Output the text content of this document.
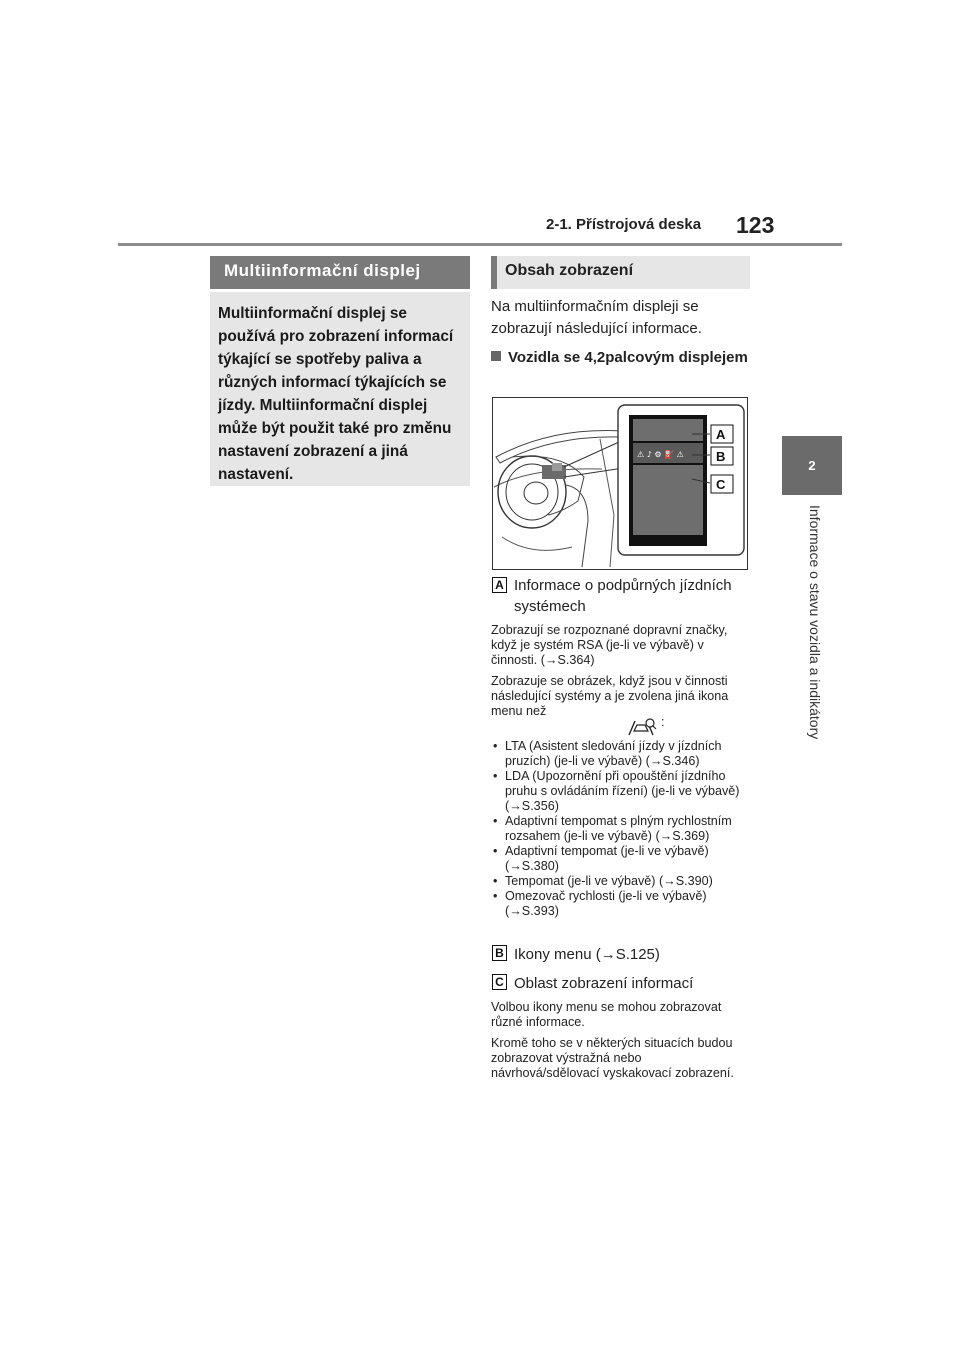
2-1. Přístrojová deska 123
2
Informace o stavu vozidla a indikátory
Multiinformační displej

Multiinformační displej se používá pro zobrazení informací týkající se spotřeby paliva a různých informací týkajících se jízdy. Multiinformační displej může být použit také pro změnu nastavení zobrazení a jiná nastavení.

Obsah zobrazení
Na multiinformačním displeji se zobrazují následující informace.
Vozidla se 4,2palcovým displejem
⚠ ♪ ⚙ ⛽ ⚠
A
B
C
A Informace o podpůrných jízdních systémech

Zobrazují se rozpoznané dopravní značky, když je systém RSA (je-li ve výbavě) v činnosti. (→S.364)

Zobrazuje se obrázek, když jsou v činnosti následující systémy a je zvolena jiná ikona menu než

:
• LTA (Asistent sledování jízdy v jízdních pruzích) (je-li ve výbavě) (→S.346)
• LDA (Upozornění při opouštění jízdního pruhu s ovládáním řízení) (je-li ve výbavě) (→S.356)
• Adaptivní tempomat s plným rychlostním rozsahem (je-li ve výbavě) (→S.369)
• Adaptivní tempomat (je-li ve výbavě) (→S.380)
• Tempomat (je-li ve výbavě) (→S.390)
• Omezovač rychlosti (je-li ve výbavě) (→S.393)
B Ikony menu (→S.125)
C Oblast zobrazení informací

Volbou ikony menu se mohou zobrazovat různé informace.

Kromě toho se v některých situacích budou zobrazovat výstražná nebo návrhová/sdělovací vyskakovací zobrazení.
